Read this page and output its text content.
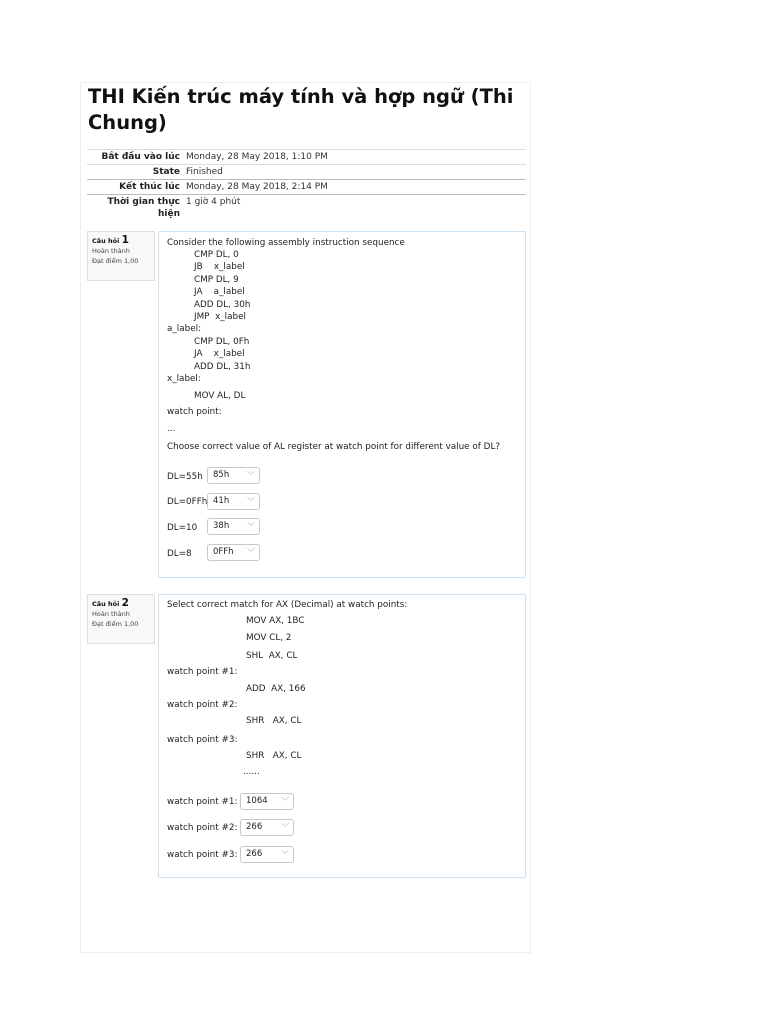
THI Kiến trúc máy tính và hợp ngữ (Thi Chung)
Bắt đầu vào lúc	Monday, 28 May 2018, 1:10 PM
State	Finished
Kết thúc lúc	Monday, 28 May 2018, 2:14 PM
Thời gian thực hiện	1 giờ 4 phút
Câu hỏi 1
Hoàn thành
Đạt điểm 1,00
Consider the following assembly instruction sequence
CMP DL, 0
JB    x_label
CMP DL, 9
JA    a_label
ADD DL, 30h
JMP  x_label
a_label:
CMP DL, 0Fh
JA    x_label
ADD DL, 31h
x_label:
MOV AL, DL
watch point:
...
Choose correct value of AL register at watch point for different value of DL?
DL=55h	85h ﹀
DL=0FFh 41h ﹀
DL=10	38h ﹀
DL=8	0FFh ﹀
Câu hỏi 2
Hoàn thành
Đạt điểm 1,00
Select correct match for AX (Decimal) at watch points:
MOV AX, 1BC
MOV CL, 2
SHL  AX, CL
watch point #1:
ADD  AX, 166
watch point #2:
SHR   AX, CL
watch point #3:
SHR   AX, CL
......
watch point #1:	1064 ﹀
watch point #2:	266 ﹀
watch point #3:	266 ﹀
